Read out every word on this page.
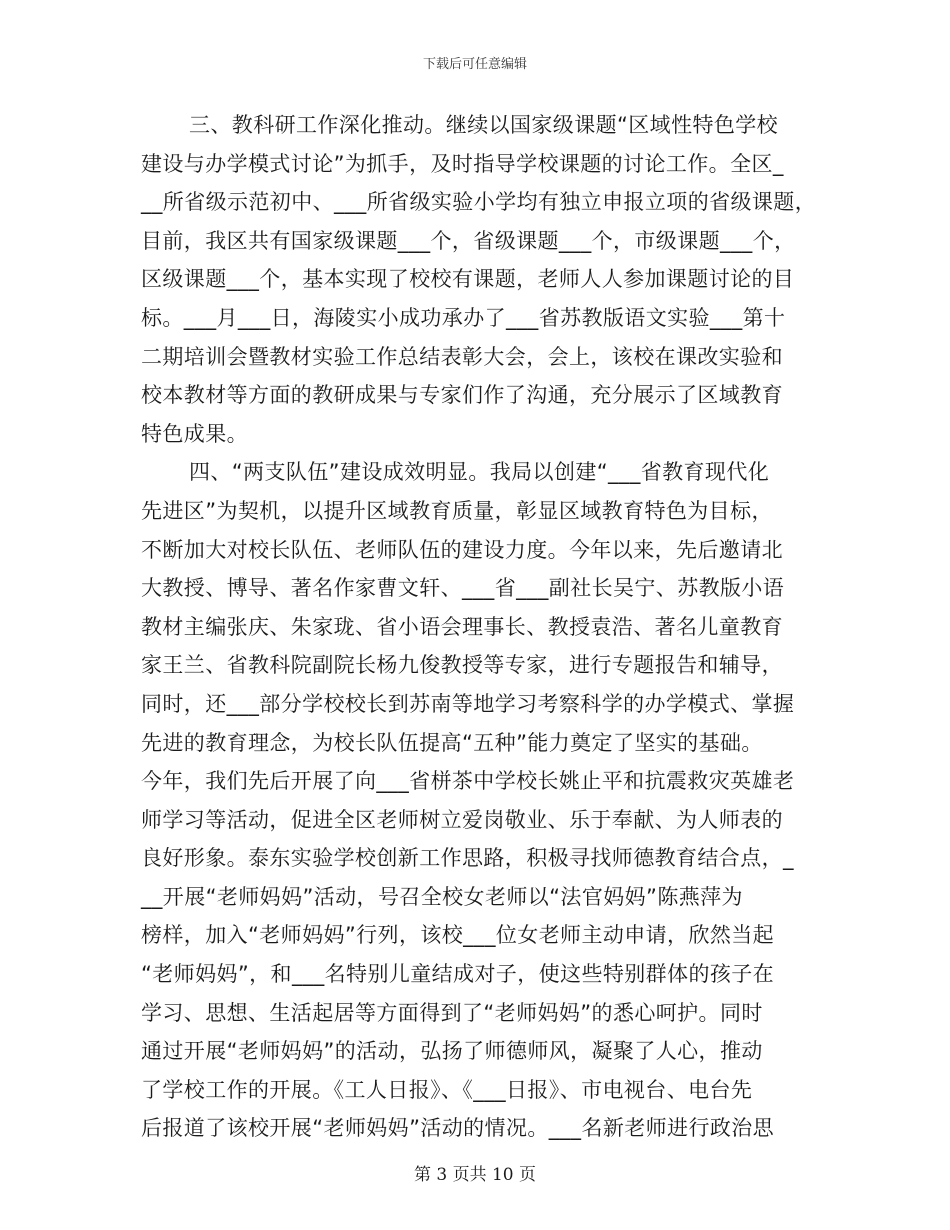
下载后可任意编辑
三、教科研工作深化推动。继续以国家级课题“区域性特色学校
建设与办学模式讨论”为抓手，及时指导学校课题的讨论工作。全区_
__所省级示范初中、___所省级实验小学均有独立申报立项的省级课题，
目前，我区共有国家级课题___个，省级课题___个，市级课题___个，
区级课题___个，基本实现了校校有课题，老师人人参加课题讨论的目
标。___月___日，海陵实小成功承办了___省苏教版语文实验___第十
二期培训会暨教材实验工作总结表彰大会，会上，该校在课改实验和
校本教材等方面的教研成果与专家们作了沟通，充分展示了区域教育
特色成果。
四、“两支队伍”建设成效明显。我局以创建“___省教育现代化
先进区”为契机，以提升区域教育质量，彰显区域教育特色为目标，
不断加大对校长队伍、老师队伍的建设力度。今年以来，先后邀请北
大教授、博导、著名作家曹文轩、___省___副社长吴宁、苏教版小语
教材主编张庆、朱家珑、省小语会理事长、教授袁浩、著名儿童教育
家王兰、省教科院副院长杨九俊教授等专家，进行专题报告和辅导，
同时，还___部分学校校长到苏南等地学习考察科学的办学模式、掌握
先进的教育理念，为校长队伍提高“五种”能力奠定了坚实的基础。
今年，我们先后开展了向___省栟茶中学校长姚止平和抗震救灾英雄老
师学习等活动，促进全区老师树立爱岗敬业、乐于奉献、为人师表的
良好形象。泰东实验学校创新工作思路，积极寻找师德教育结合点，_
__开展“老师妈妈”活动，号召全校女老师以“法官妈妈”陈燕萍为
榜样，加入“老师妈妈”行列，该校___位女老师主动申请，欣然当起
“老师妈妈”，和___名特别儿童结成对子，使这些特别群体的孩子在
学习、思想、生活起居等方面得到了“老师妈妈”的悉心呵护。同时
通过开展“老师妈妈”的活动，弘扬了师德师风，凝聚了人心，推动
了学校工作的开展。《工人日报》、《___日报》、市电视台、电台先
后报道了该校开展“老师妈妈”活动的情况。___名新老师进行政治思
第 3 页共 10 页
